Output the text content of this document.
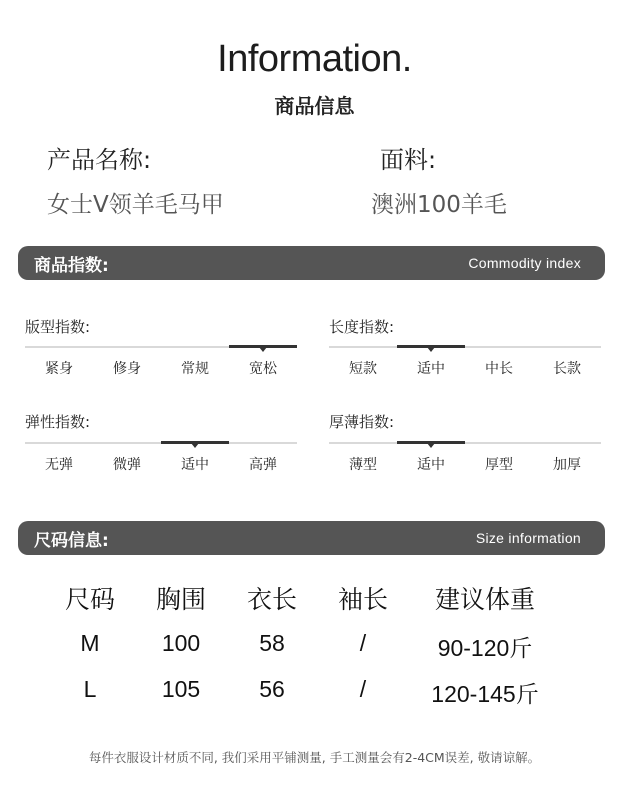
Information.
商品信息
产品名称:
女士V领羊毛马甲
面料:
澳洲100羊毛
商品指数:	Commodity index
版型指数:
紧身	修身	常规	宽松
长度指数:
短款	适中	中长	长款
弹性指数:
无弹	微弹	适中	高弹
厚薄指数:
薄型	适中	厚型	加厚
尺码信息:	Size information
尺码	胸围	衣长	袖长	建议体重
M	100	58	/	90-120斤
L	105	56	/	120-145斤
每件衣服设计材质不同, 我们采用平铺测量, 手工测量会有2-4CM误差, 敬请谅解。
